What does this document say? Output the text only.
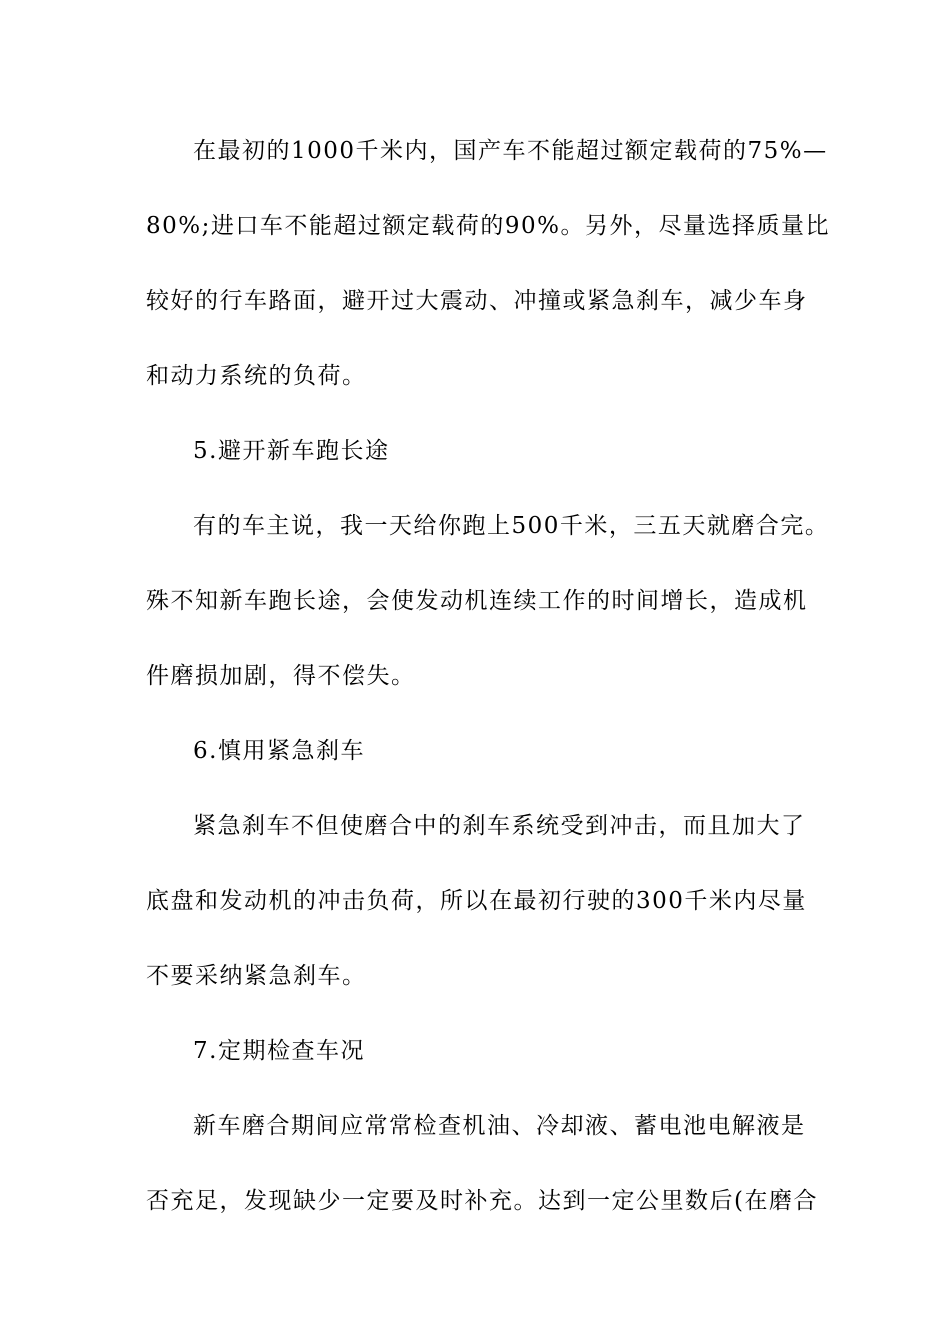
在最初的1000千米内，国产车不能超过额定载荷的75%—
80%;进口车不能超过额定载荷的90%。另外，尽量选择质量比
较好的行车路面，避开过大震动、冲撞或紧急刹车，减少车身
和动力系统的负荷。
5.避开新车跑长途
有的车主说，我一天给你跑上500千米，三五天就磨合完。
殊不知新车跑长途，会使发动机连续工作的时间增长，造成机
件磨损加剧，得不偿失。
6.慎用紧急刹车
紧急刹车不但使磨合中的刹车系统受到冲击，而且加大了
底盘和发动机的冲击负荷，所以在最初行驶的300千米内尽量
不要采纳紧急刹车。
7.定期检查车况
新车磨合期间应常常检查机油、冷却液、蓄电池电解液是
否充足，发现缺少一定要及时补充。达到一定公里数后(在磨合
